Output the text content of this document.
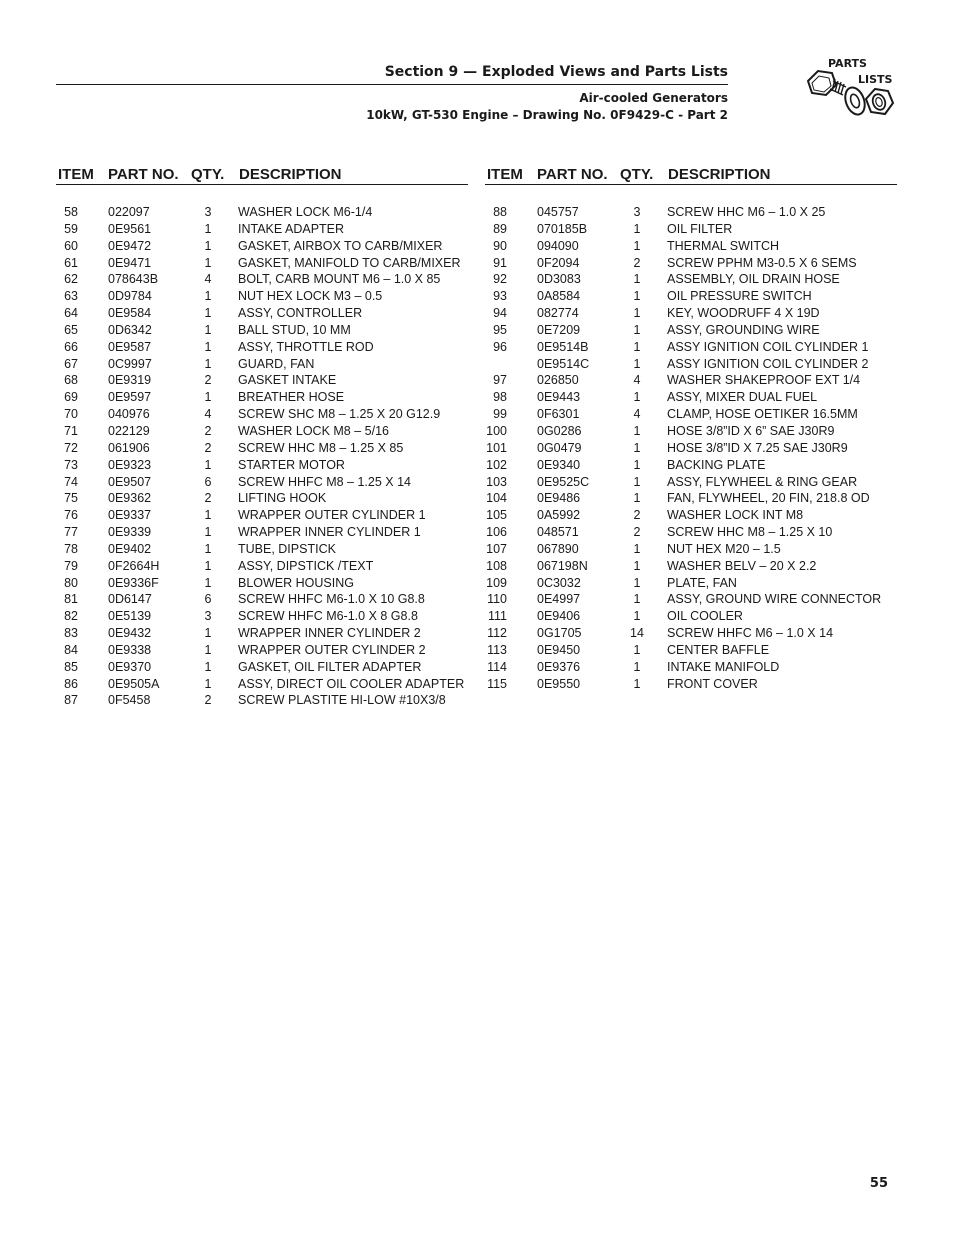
Section 9 — Exploded Views and Parts Lists
Air-cooled Generators
10kW, GT-530 Engine – Drawing No. 0F9429-C - Part 2
PARTS
LISTS
ITEM PART NO. QTY. DESCRIPTION
58 022097	3	WASHER LOCK M6-1/4
59 0E9561	1	INTAKE ADAPTER
60 0E9472	1	GASKET, AIRBOX TO CARB/MIXER
61 0E9471	1	GASKET, MANIFOLD TO CARB/MIXER
62 078643B	4	BOLT, CARB MOUNT M6 – 1.0 X 85
63 0D9784	1	NUT HEX LOCK M3 – 0.5
64 0E9584	1	ASSY, CONTROLLER
65 0D6342	1	BALL STUD, 10 MM
66 0E9587	1	ASSY, THROTTLE ROD
67 0C9997	1	GUARD, FAN
68 0E9319	2	GASKET INTAKE
69 0E9597	1	BREATHER HOSE
70 040976	4	SCREW SHC M8 – 1.25 X 20 G12.9
71 022129	2	WASHER LOCK M8 – 5/16
72 061906	2	SCREW HHC M8 – 1.25 X 85
73 0E9323	1	STARTER MOTOR
74 0E9507	6	SCREW HHFC M8 – 1.25 X 14
75 0E9362	2	LIFTING HOOK
76 0E9337	1	WRAPPER OUTER CYLINDER 1
77 0E9339	1	WRAPPER INNER CYLINDER 1
78 0E9402	1	TUBE, DIPSTICK
79 0F2664H	1	ASSY, DIPSTICK /TEXT
80 0E9336F	1	BLOWER HOUSING
81 0D6147	6	SCREW HHFC M6-1.0 X 10 G8.8
82 0E5139	3	SCREW HHFC M6-1.0 X 8 G8.8
83 0E9432	1	WRAPPER INNER CYLINDER 2
84 0E9338	1	WRAPPER OUTER CYLINDER 2
85 0E9370	1	GASKET, OIL FILTER ADAPTER
86 0E9505A	1	ASSY, DIRECT OIL COOLER ADAPTER
87 0F5458	2	SCREW PLASTITE HI-LOW #10X3/8
ITEM PART NO. QTY. DESCRIPTION
88 045757	3	SCREW HHC M6 – 1.0 X 25
89 070185B	1	OIL FILTER
90 094090	1	THERMAL SWITCH
91 0F2094	2	SCREW PPHM M3-0.5 X 6 SEMS
92 0D3083	1	ASSEMBLY, OIL DRAIN HOSE
93 0A8584	1	OIL PRESSURE SWITCH
94 082774	1	KEY, WOODRUFF 4 X 19D
95 0E7209	1	ASSY, GROUNDING WIRE
96 0E9514B	1	ASSY IGNITION COIL CYLINDER 1
0E9514C	1	ASSY IGNITION COIL CYLINDER 2
97 026850	4	WASHER SHAKEPROOF EXT 1/4
98 0E9443	1	ASSY, MIXER DUAL FUEL
99 0F6301	4	CLAMP, HOSE OETIKER 16.5MM
100 0G0286	1	HOSE 3/8”ID X 6” SAE J30R9
101 0G0479	1	HOSE 3/8”ID X 7.25 SAE J30R9
102 0E9340	1	BACKING PLATE
103 0E9525C	1	ASSY, FLYWHEEL & RING GEAR
104 0E9486	1	FAN, FLYWHEEL, 20 FIN, 218.8 OD
105 0A5992	2	WASHER LOCK INT M8
106 048571	2	SCREW HHC M8 – 1.25 X 10
107 067890	1	NUT HEX M20 – 1.5
108 067198N	1	WASHER BELV – 20 X 2.2
109 0C3032	1	PLATE, FAN
110 0E4997	1	ASSY, GROUND WIRE CONNECTOR
111 0E9406	1	OIL COOLER
112 0G1705	14	SCREW HHFC M6 – 1.0 X 14
113 0E9450	1	CENTER BAFFLE
114 0E9376	1	INTAKE MANIFOLD
115 0E9550	1	FRONT COVER
55
